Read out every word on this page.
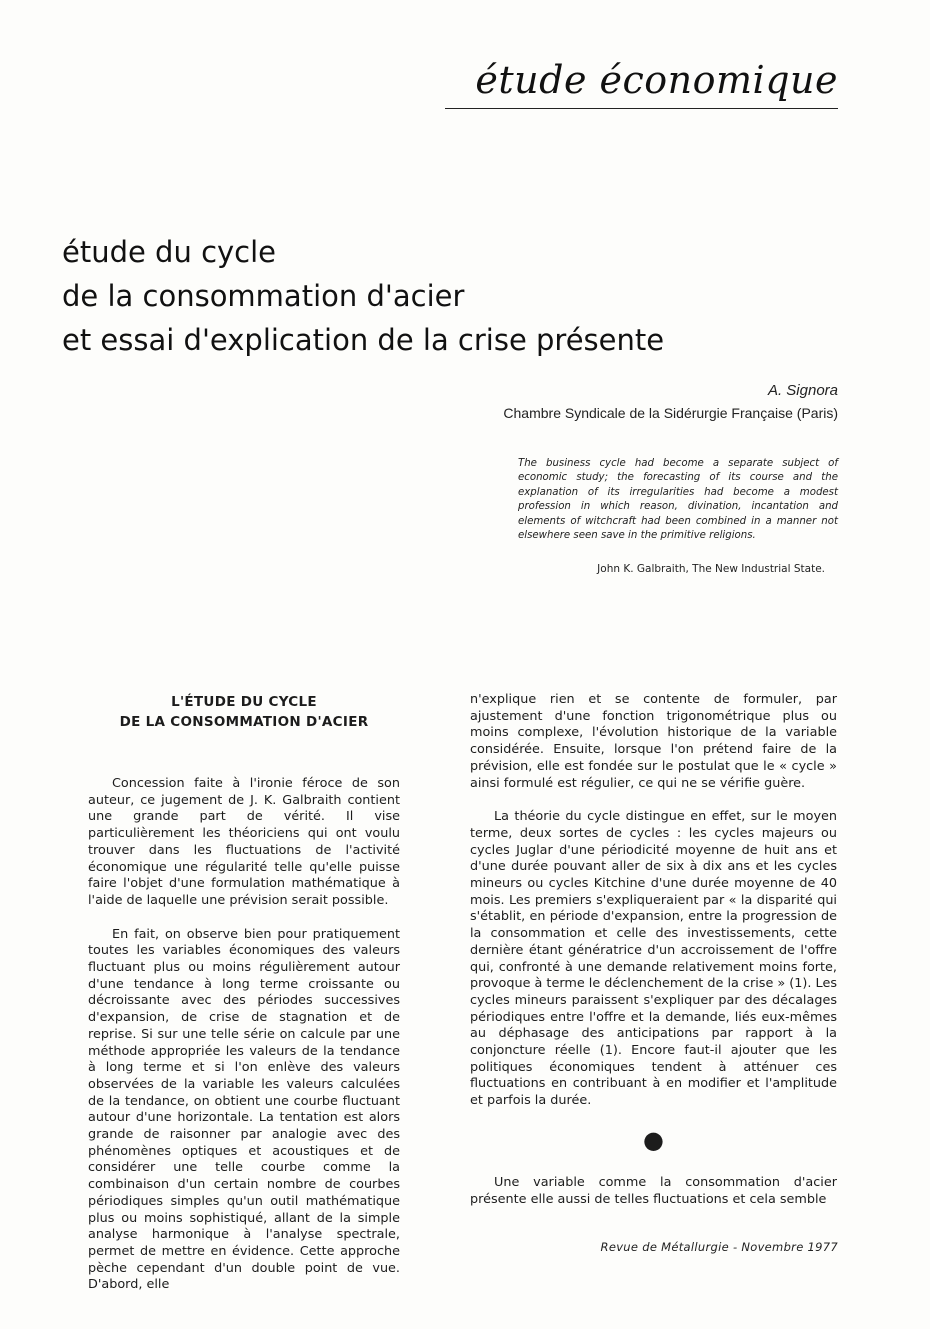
étude économique
étude du cycle
de la consommation d'acier
et essai d'explication de la crise présente
A. Signora
Chambre Syndicale de la Sidérurgie Française (Paris)
The business cycle had become a separate subject of economic study; the forecasting of its course and the explanation of its irregularities had become a modest profession in which reason, divination, incantation and elements of witchcraft had been combined in a manner not elsewhere seen save in the primitive religions.
John K. Galbraith, The New Industrial State.
L'ÉTUDE DU CYCLE
DE LA CONSOMMATION D'ACIER

Concession faite à l'ironie féroce de son auteur, ce jugement de J. K. Galbraith contient une grande part de vérité. Il vise particulièrement les théoriciens qui ont voulu trouver dans les fluctuations de l'activité économique une régularité telle qu'elle puisse faire l'objet d'une formulation mathématique à l'aide de laquelle une prévision serait possible.

En fait, on observe bien pour pratiquement toutes les variables économiques des valeurs fluctuant plus ou moins régulièrement autour d'une tendance à long terme croissante ou décroissante avec des périodes successives d'expansion, de crise de stagnation et de reprise. Si sur une telle série on calcule par une méthode appropriée les valeurs de la tendance à long terme et si l'on enlève des valeurs observées de la variable les valeurs calculées de la tendance, on obtient une courbe fluctuant autour d'une horizontale. La tentation est alors grande de raisonner par analogie avec des phénomènes optiques et acoustiques et de considérer une telle courbe comme la combinaison d'un certain nombre de courbes périodiques simples qu'un outil mathématique plus ou moins sophistiqué, allant de la simple analyse harmonique à l'analyse spectrale, permet de mettre en évidence. Cette approche pèche cependant d'un double point de vue. D'abord, elle

n'explique rien et se contente de formuler, par ajustement d'une fonction trigonométrique plus ou moins complexe, l'évolution historique de la variable considérée. Ensuite, lorsque l'on prétend faire de la prévision, elle est fondée sur le postulat que le « cycle » ainsi formulé est régulier, ce qui ne se vérifie guère.

La théorie du cycle distingue en effet, sur le moyen terme, deux sortes de cycles : les cycles majeurs ou cycles Juglar d'une périodicité moyenne de huit ans et d'une durée pouvant aller de six à dix ans et les cycles mineurs ou cycles Kitchine d'une durée moyenne de 40 mois. Les premiers s'expliqueraient par « la disparité qui s'établit, en période d'expansion, entre la progression de la consommation et celle des investissements, cette dernière étant génératrice d'un accroissement de l'offre qui, confronté à une demande relativement moins forte, provoque à terme le déclenchement de la crise » (1). Les cycles mineurs paraissent s'expliquer par des décalages périodiques entre l'offre et la demande, liés eux-mêmes au déphasage des anticipations par rapport à la conjoncture réelle (1). Encore faut-il ajouter que les politiques économiques tendent à atténuer ces fluctuations en contribuant à en modifier et l'amplitude et parfois la durée.

●

Une variable comme la consommation d'acier présente elle aussi de telles fluctuations et cela semble

Revue de Métallurgie - Novembre 1977
